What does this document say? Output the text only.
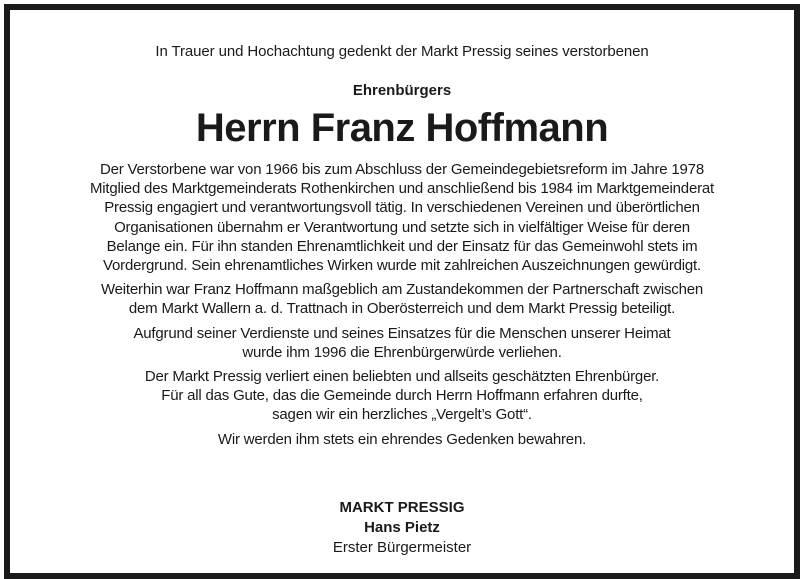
In Trauer und Hochachtung gedenkt der Markt Pressig seines verstorbenen
Ehrenbürgers
Herrn Franz Hoffmann
Der Verstorbene war von 1966 bis zum Abschluss der Gemeindegebietsreform im Jahre 1978
Mitglied des Marktgemeinderats Rothenkirchen und anschließend bis 1984 im Marktgemeinderat
Pressig engagiert und verantwortungsvoll tätig. In verschiedenen Vereinen und überörtlichen
Organisationen übernahm er Verantwortung und setzte sich in vielfältiger Weise für deren
Belange ein. Für ihn standen Ehrenamtlichkeit und der Einsatz für das Gemeinwohl stets im
Vordergrund. Sein ehrenamtliches Wirken wurde mit zahlreichen Auszeichnungen gewürdigt.
Weiterhin war Franz Hoffmann maßgeblich am Zustandekommen der Partnerschaft zwischen
dem Markt Wallern a. d. Trattnach in Oberösterreich und dem Markt Pressig beteiligt.
Aufgrund seiner Verdienste und seines Einsatzes für die Menschen unserer Heimat
wurde ihm 1996 die Ehrenbürgerwürde verliehen.
Der Markt Pressig verliert einen beliebten und allseits geschätzten Ehrenbürger.
Für all das Gute, das die Gemeinde durch Herrn Hoffmann erfahren durfte,
sagen wir ein herzliches „Vergelt’s Gott“.
Wir werden ihm stets ein ehrendes Gedenken bewahren.
MARKT PRESSIG
Hans Pietz
Erster Bürgermeister
